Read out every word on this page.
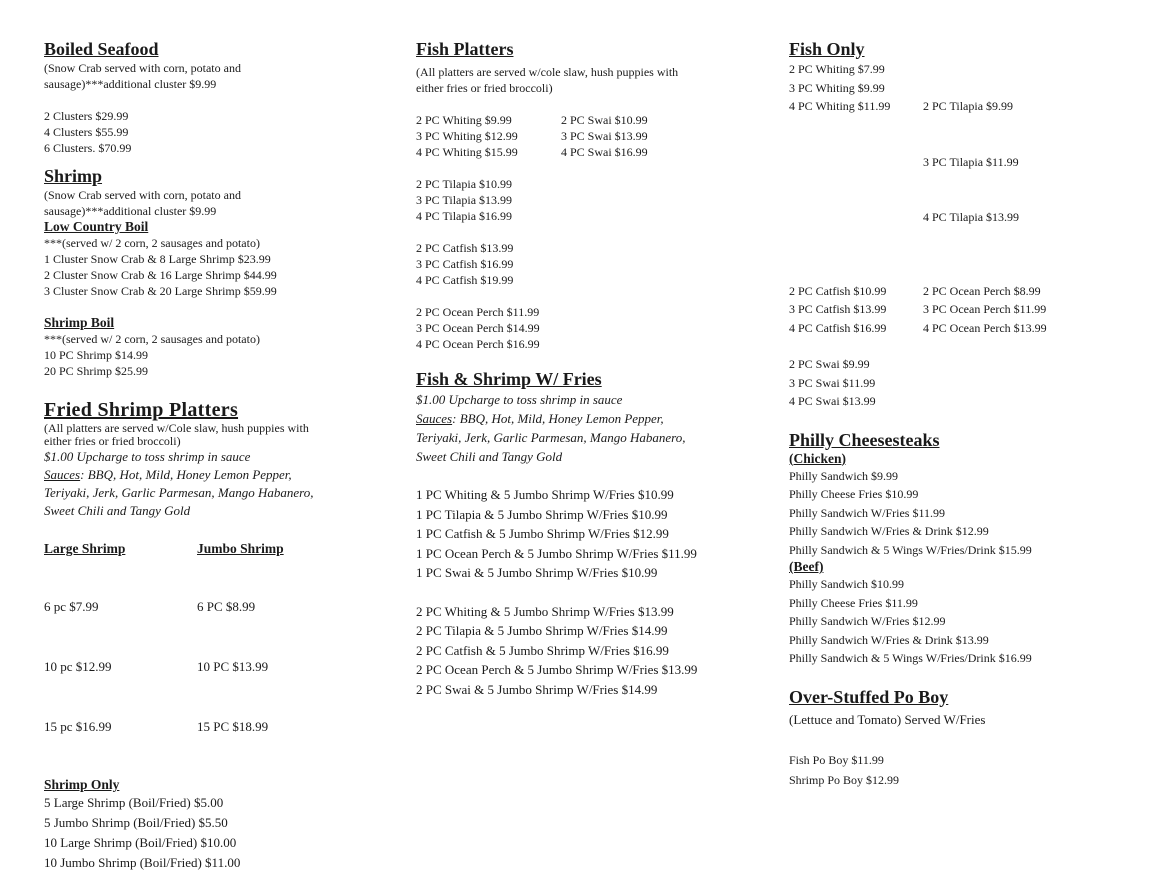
Boiled Seafood
(Snow Crab served with corn, potato and
sausage)***additional cluster $9.99
2 Clusters $29.99
4 Clusters $55.99
6 Clusters. $70.99
Shrimp
(Snow Crab served with corn, potato and
sausage)***additional cluster $9.99
Low Country Boil
***(served w/ 2 corn, 2 sausages and potato)
1 Cluster Snow Crab & 8 Large Shrimp $23.99
2 Cluster Snow Crab & 16 Large Shrimp $44.99
3 Cluster Snow Crab & 20 Large Shrimp $59.99
Shrimp Boil
***(served w/ 2 corn, 2 sausages and potato)
10 PC Shrimp $14.99
20 PC Shrimp $25.99
Fried Shrimp Platters
(All platters are served w/Cole slaw, hush puppies with
either fries or fried broccoli)
$1.00 Upcharge to toss shrimp in sauce
Sauces: BBQ, Hot, Mild, Honey Lemon Pepper,
Teriyaki, Jerk, Garlic Parmesan, Mango Habanero,
Sweet Chili and Tangy Gold
Large Shrimp

6 pc $7.99

10 pc $12.99

15 pc $16.99

Jumbo Shrimp

6 PC $8.99

10 PC $13.99

15 PC $18.99

Shrimp Only
5 Large Shrimp (Boil/Fried) $5.00
5 Jumbo Shrimp (Boil/Fried) $5.50
10 Large Shrimp (Boil/Fried) $10.00
10 Jumbo Shrimp (Boil/Fried) $11.00
Fish Platters
(All platters are served w/cole slaw, hush puppies with
either fries or fried broccoli)
2 PC Whiting $9.99
3 PC Whiting $12.99
4 PC Whiting $15.99
2 PC Swai $10.99
3 PC Swai $13.99
4 PC Swai $16.99
2 PC Tilapia $10.99
3 PC Tilapia $13.99
4 PC Tilapia $16.99
2 PC Catfish $13.99
3 PC Catfish $16.99
4 PC Catfish $19.99
2 PC Ocean Perch $11.99
3 PC Ocean Perch $14.99
4 PC Ocean Perch $16.99
Fish & Shrimp W/ Fries
$1.00 Upcharge to toss shrimp in sauce
Sauces: BBQ, Hot, Mild, Honey Lemon Pepper,
Teriyaki, Jerk, Garlic Parmesan, Mango Habanero,
Sweet Chili and Tangy Gold
1 PC Whiting & 5 Jumbo Shrimp W/Fries $10.99
1 PC Tilapia & 5 Jumbo Shrimp W/Fries $10.99
1 PC Catfish & 5 Jumbo Shrimp W/Fries $12.99
1 PC Ocean Perch & 5 Jumbo Shrimp W/Fries $11.99
1 PC Swai & 5 Jumbo Shrimp W/Fries $10.99
2 PC Whiting & 5 Jumbo Shrimp W/Fries $13.99
2 PC Tilapia & 5 Jumbo Shrimp W/Fries $14.99
2 PC Catfish & 5 Jumbo Shrimp W/Fries $16.99
2 PC Ocean Perch & 5 Jumbo Shrimp W/Fries $13.99
2 PC Swai & 5 Jumbo Shrimp W/Fries $14.99
Fish Only
2 PC Whiting $7.99
3 PC Whiting $9.99
4 PC Whiting $11.99

	2 PC Tilapia $9.99

3 PC Tilapia $11.99

4 PC Tilapia $13.99

2 PC Catfish $10.99
3 PC Catfish $13.99
4 PC Catfish $16.99
2 PC Ocean Perch $8.99
3 PC Ocean Perch $11.99
4 PC Ocean Perch $13.99
2 PC Swai $9.99
3 PC Swai $11.99
4 PC Swai $13.99
Philly Cheesesteaks
(Chicken)
Philly Sandwich $9.99
Philly Cheese Fries $10.99
Philly Sandwich W/Fries $11.99
Philly Sandwich W/Fries & Drink $12.99
Philly Sandwich & 5 Wings W/Fries/Drink $15.99
(Beef)
Philly Sandwich $10.99
Philly Cheese Fries $11.99
Philly Sandwich W/Fries $12.99
Philly Sandwich W/Fries & Drink $13.99
Philly Sandwich & 5 Wings W/Fries/Drink $16.99
Over-Stuffed Po Boy
(Lettuce and Tomato) Served W/Fries
Fish Po Boy $11.99
Shrimp Po Boy $12.99
